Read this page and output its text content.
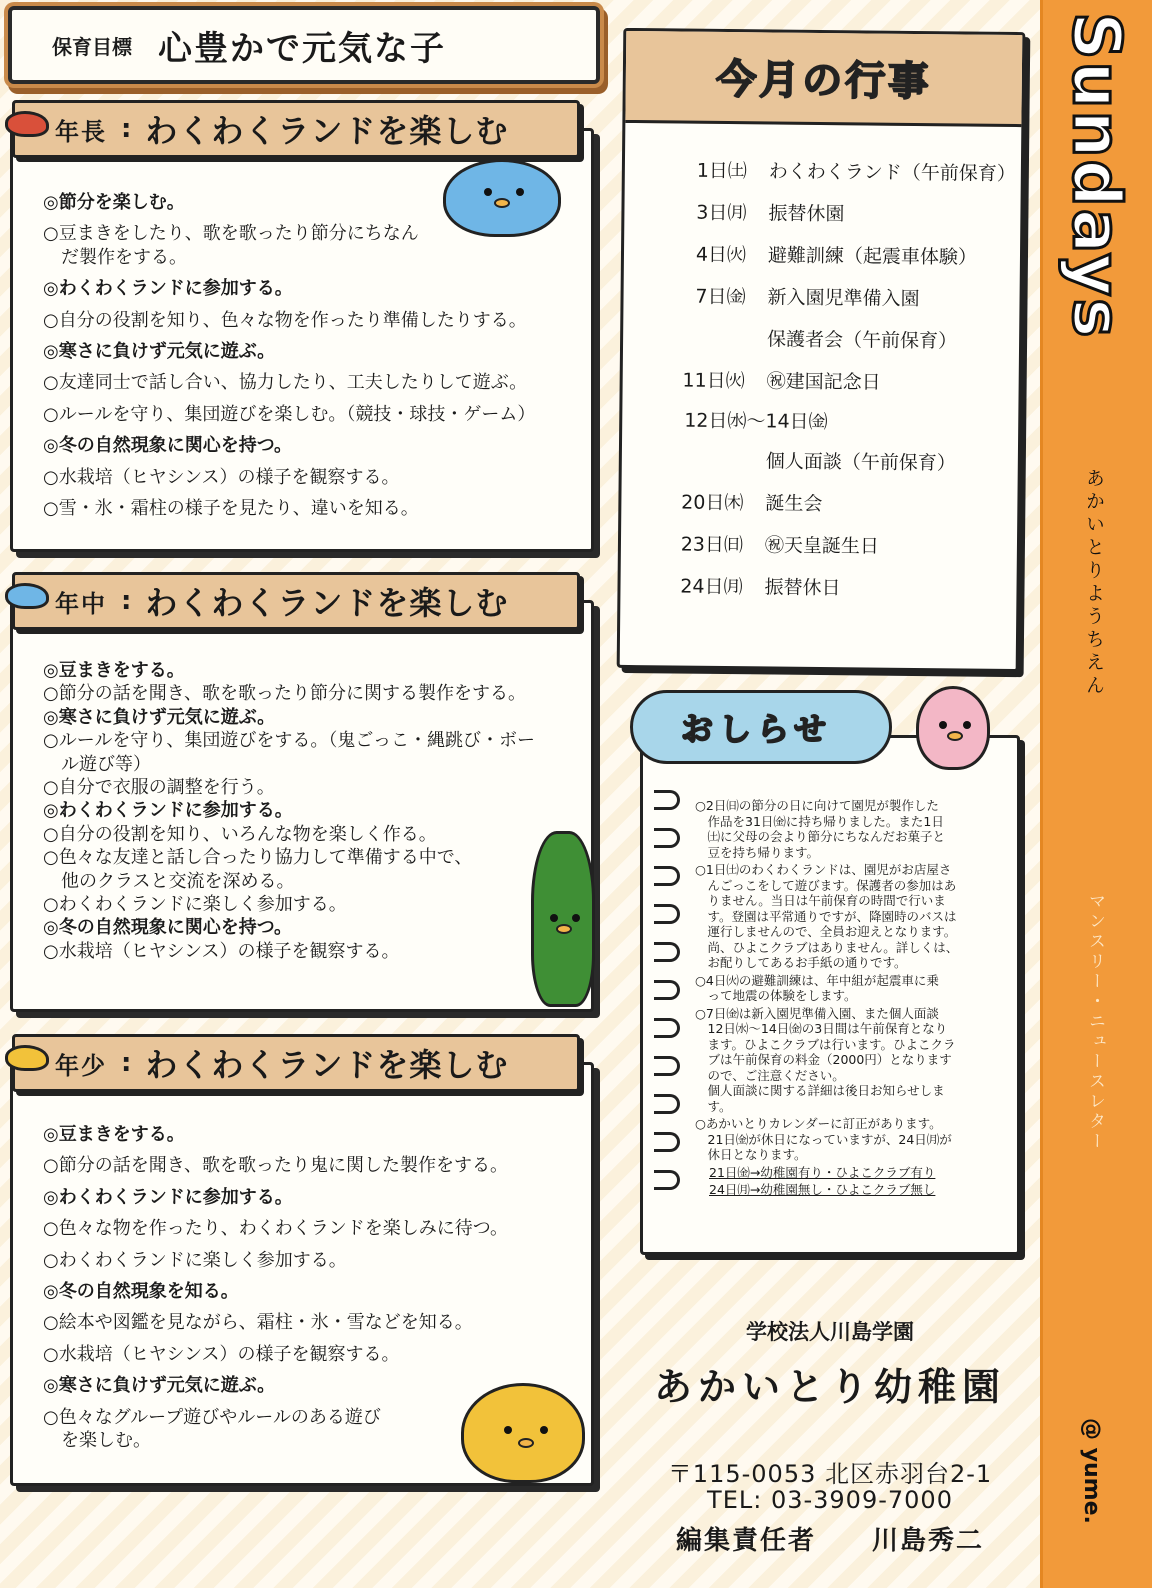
保育目標 心豊かで元気な子
◎節分を楽しむ。
○豆まきをしたり、歌を歌ったり節分にちなん
　だ製作をする。
◎わくわくランドに参加する。
○自分の役割を知り、色々な物を作ったり準備したりする。
◎寒さに負けず元気に遊ぶ。
○友達同士で話し合い、協力したり、工夫したりして遊ぶ。
○ルールを守り、集団遊びを楽しむ。（競技・球技・ゲーム）
◎冬の自然現象に関心を持つ。
○水栽培（ヒヤシンス）の様子を観察する。
○雪・氷・霜柱の様子を見たり、違いを知る。
年長 : わくわくランドを楽しむ
◎豆まきをする。
○節分の話を聞き、歌を歌ったり節分に関する製作をする。
◎寒さに負けず元気に遊ぶ。
○ルールを守り、集団遊びをする。（鬼ごっこ・縄跳び・ボー
　ル遊び等）
○自分で衣服の調整を行う。
◎わくわくランドに参加する。
○自分の役割を知り、いろんな物を楽しく作る。
○色々な友達と話し合ったり協力して準備する中で、
　他のクラスと交流を深める。
○わくわくランドに楽しく参加する。
◎冬の自然現象に関心を持つ。
○水栽培（ヒヤシンス）の様子を観察する。
年中 : わくわくランドを楽しむ
◎豆まきをする。
○節分の話を聞き、歌を歌ったり鬼に関した製作をする。
◎わくわくランドに参加する。
○色々な物を作ったり、わくわくランドを楽しみに待つ。
○わくわくランドに楽しく参加する。
◎冬の自然現象を知る。
○絵本や図鑑を見ながら、霜柱・氷・雪などを知る。
○水栽培（ヒヤシンス）の様子を観察する。
◎寒さに負けず元気に遊ぶ。
○色々なグループ遊びやルールのある遊び
　を楽しむ。
年少 : わくわくランドを楽しむ
今月の行事
1日㈯ わくわくランド（午前保育）
3日㈪ 振替休園
4日㈫ 避難訓練（起震車体験）
7日㈮ 新入園児準備入園
保護者会（午前保育）
11日㈫ ㊗建国記念日
12日㈬～14日㈮
個人面談（午前保育）
20日㈭ 誕生会
23日㈰ ㊗天皇誕生日
24日㈪ 振替休日
おしらせ
○2日㈰の節分の日に向けて園児が製作した
　作品を31日㈮に持ち帰りました。また1日
　㈯に父母の会より節分にちなんだお菓子と
　豆を持ち帰ります。
○1日㈯のわくわくランドは、園児がお店屋さ
　んごっこをして遊びます。保護者の参加はあ
　りません。当日は午前保育の時間で行いま
　す。登園は平常通りですが、降園時のバスは
　運行しませんので、全員お迎えとなります。
　尚、ひよこクラブはありません。詳しくは、
　お配りしてあるお手紙の通りです。
○4日㈫の避難訓練は、年中組が起震車に乗
　って地震の体験をします。
○7日㈮は新入園児準備入園、また個人面談
　12日㈬～14日㈮の3日間は午前保育となり
　ます。ひよこクラブは行います。ひよこクラ
　ブは午前保育の料金（2000円）となります
　ので、ご注意ください。
　個人面談に関する詳細は後日お知らせしま
　す。
○あかいとりカレンダーに訂正があります。
　21日㈮が休日になっていますが、24日㈪が
　休日となります。
21日㈮→幼稚園有り・ひよこクラブ有り
24日㈪→幼稚園無し・ひよこクラブ無し
学校法人川島学園
あかいとり幼稚園
〒115-0053 北区赤羽台2-1
TEL: 03-3909-7000
編集責任者　　川島秀二
Sundays
あかいとりようちえん
マンスリー・ニュースレター
@ yume.
